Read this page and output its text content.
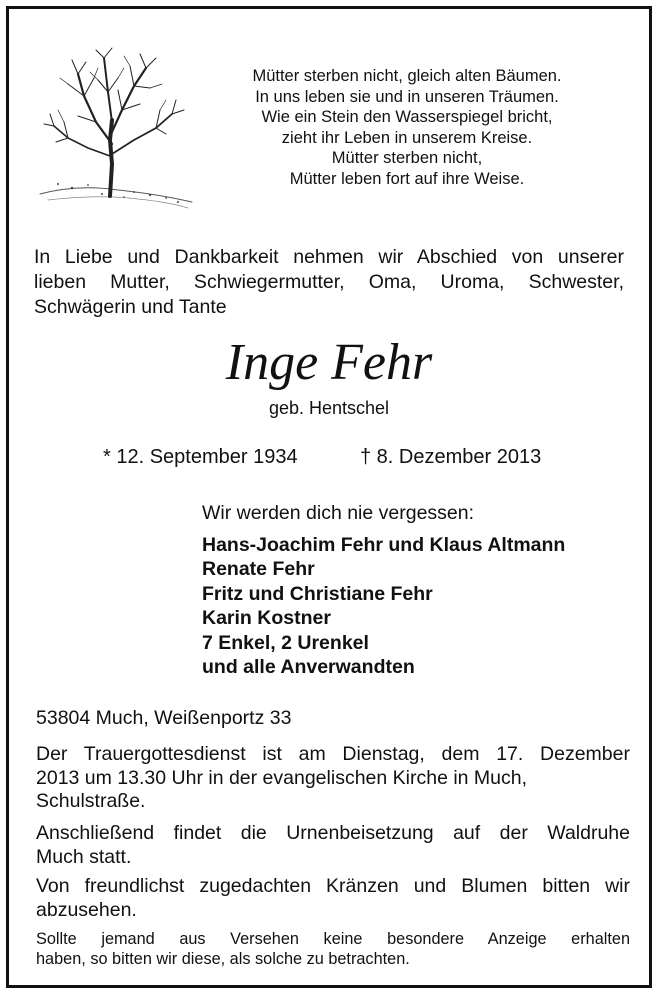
Mütter sterben nicht, gleich alten Bäumen.
In uns leben sie und in unseren Träumen.
Wie ein Stein den Wasserspiegel bricht,
zieht ihr Leben in unserem Kreise.
Mütter sterben nicht,
Mütter leben fort auf ihre Weise.
In Liebe und Dankbarkeit nehmen wir Abschied von unserer
lieben Mutter, Schwiegermutter, Oma, Uroma, Schwester,
Schwägerin und Tante
Inge Fehr
geb. Hentschel
* 12. September 1934	† 8. Dezember 2013
Wir werden dich nie vergessen:
Hans-Joachim Fehr und Klaus Altmann
Renate Fehr
Fritz und Christiane Fehr
Karin Kostner
7 Enkel, 2 Urenkel
und alle Anverwandten
53804 Much, Weißenportz 33
Der Trauergottesdienst ist am Dienstag, dem 17. Dezember
2013 um 13.30 Uhr in der evangelischen Kirche in Much,
Schulstraße.
Anschließend findet die Urnenbeisetzung auf der Waldruhe
Much statt.
Von freundlichst zugedachten Kränzen und Blumen bitten wir
abzusehen.
Sollte jemand aus Versehen keine besondere Anzeige erhalten
haben, so bitten wir diese, als solche zu betrachten.
